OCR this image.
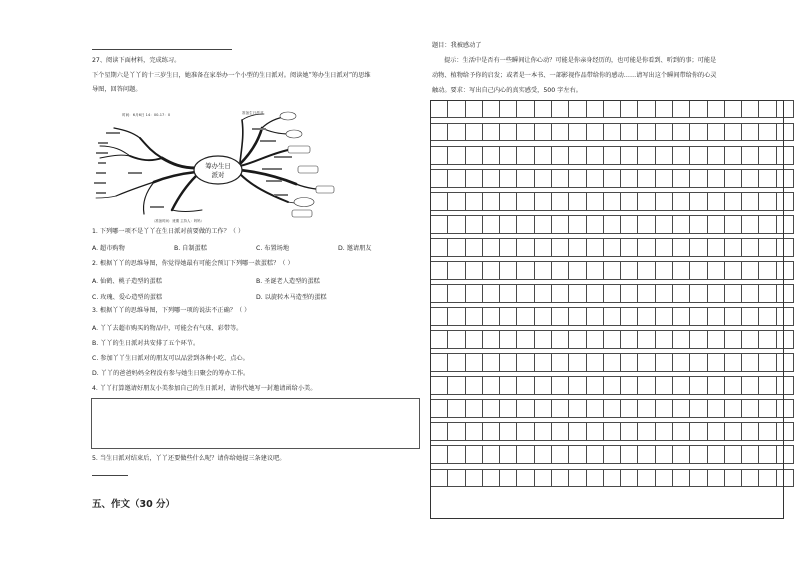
27、阅读下面材料，完成练习。
下个星期六是丫丫的十三岁生日，她准备在家举办一个小型的生日派对。阅读她“筹办生日派对”的思维
导图，回答问题。
筹办生日
派对
时间：6月6日 14：00-17：0	准备生日派对
（准备时间：班期 主持人：妈妈）
1. 下列哪一项不是丫丫在生日派对前要做的工作？（ ）
A. 超市购物	B. 自制蛋糕	C. 布置场地	D. 邀请朋友
2. 根据丫丫的思维导图，你觉得她最有可能会预订下列哪一款蛋糕？（ ）
A. 仙鹤、桃子造型的蛋糕	B. 圣诞老人造型的蛋糕
C. 玫瑰、爱心造型的蛋糕	D. 以旋转木马造型的蛋糕
3. 根据丫丫的思维导图，下列哪一项的说法不正确？（ ）
A. 丫丫去超市购买的物品中，可能会有气球、彩带等。
B. 丫丫的生日派对共安排了五个环节。
C. 参加丫丫生日派对的朋友可以品尝到各种小吃、点心。
D. 丫丫的爸爸妈妈全程没有参与她生日聚会的筹办工作。
4. 丫丫打算邀请好朋友小美参加自己的生日派对，请你代她写一封邀请函给小美。
5. 当生日派对结束后，丫丫还要做些什么呢？请你给她提三条建议吧。
五、作文（30 分）
题目：我被感动了
提示：生活中是否有一些瞬间让你心动？可能是你亲身经历的，也可能是你看到、听到的事；可能是
动物、植物给予你的启发；或者是一本书、一部影视作品带给你的感动……请写出这个瞬间带给你的心灵
触动。要求：写出自己内心的真实感受，500 字左右。
